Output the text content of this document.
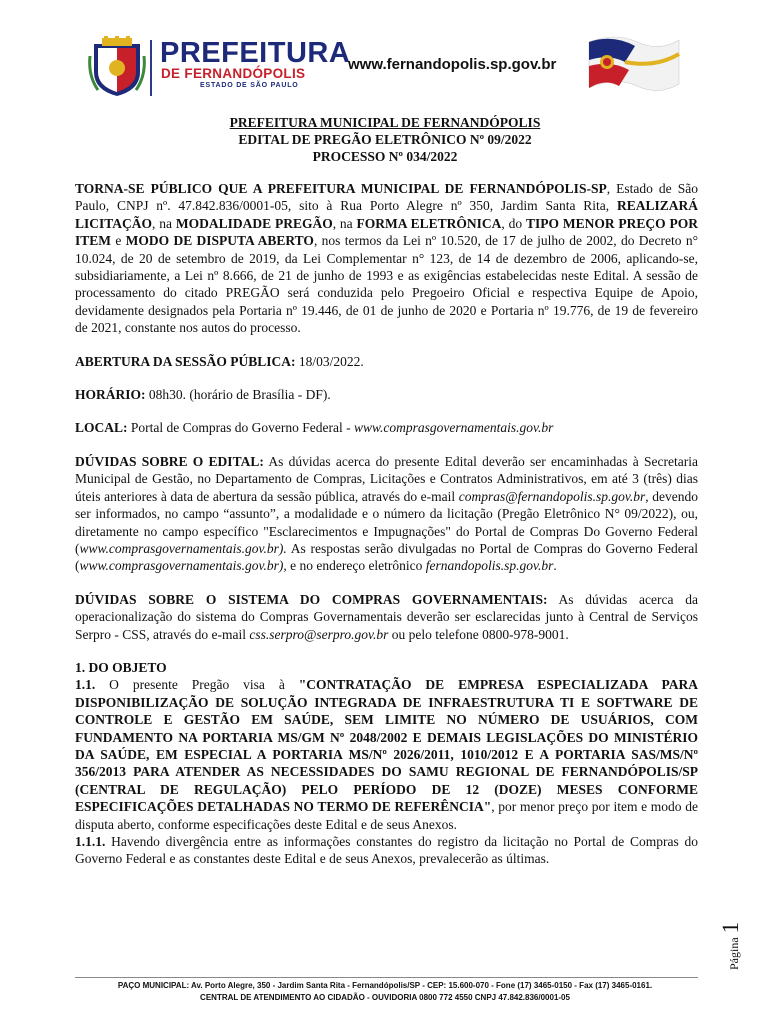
PREFEITURA
DE FERNANDÓPOLIS
ESTADO DE SÃO PAULO
www.fernandopolis.sp.gov.br
PREFEITURA MUNICIPAL DE FERNANDÓPOLIS
EDITAL DE PREGÃO ELETRÔNICO Nº 09/2022
PROCESSO Nº 034/2022

TORNA-SE PÚBLICO QUE A PREFEITURA MUNICIPAL DE FERNANDÓPOLIS-SP, Estado de São Paulo, CNPJ nº. 47.842.836/0001-05, sito à Rua Porto Alegre nº 350, Jardim Santa Rita, REALIZARÁ LICITAÇÃO, na MODALIDADE PREGÃO, na FORMA ELETRÔNICA, do TIPO MENOR PREÇO POR ITEM e MODO DE DISPUTA ABERTO, nos termos da Lei nº 10.520, de 17 de julho de 2002, do Decreto n° 10.024, de 20 de setembro de 2019, da Lei Complementar n° 123, de 14 de dezembro de 2006, aplicando-se, subsidiariamente, a Lei nº 8.666, de 21 de junho de 1993 e as exigências estabelecidas neste Edital. A sessão de processamento do citado PREGÃO será conduzida pelo Pregoeiro Oficial e respectiva Equipe de Apoio, devidamente designados pela Portaria nº 19.446, de 01 de junho de 2020 e Portaria nº 19.776, de 19 de fevereiro de 2021, constante nos autos do processo.

ABERTURA DA SESSÃO PÚBLICA: 18/03/2022.

HORÁRIO: 08h30. (horário de Brasília - DF).

LOCAL: Portal de Compras do Governo Federal - www.comprasgovernamentais.gov.br

DÚVIDAS SOBRE O EDITAL: As dúvidas acerca do presente Edital deverão ser encaminhadas à Secretaria Municipal de Gestão, no Departamento de Compras, Licitações e Contratos Administrativos, em até 3 (três) dias úteis anteriores à data de abertura da sessão pública, através do e-mail compras@fernandopolis.sp.gov.br, devendo ser informados, no campo “assunto”, a modalidade e o número da licitação (Pregão Eletrônico N° 09/2022), ou, diretamente no campo específico "Esclarecimentos e Impugnações" do Portal de Compras Do Governo Federal (www.comprasgovernamentais.gov.br). As respostas serão divulgadas no Portal de Compras do Governo Federal (www.comprasgovernamentais.gov.br), e no endereço eletrônico fernandopolis.sp.gov.br.

DÚVIDAS SOBRE O SISTEMA DO COMPRAS GOVERNAMENTAIS: As dúvidas acerca da operacionalização do sistema do Compras Governamentais deverão ser esclarecidas junto à Central de Serviços Serpro - CSS, através do e-mail css.serpro@serpro.gov.br ou pelo telefone 0800-978-9001.

1. DO OBJETO

1.1. O presente Pregão visa à "CONTRATAÇÃO DE EMPRESA ESPECIALIZADA PARA DISPONIBILIZAÇÃO DE SOLUÇÃO INTEGRADA DE INFRAESTRUTURA TI E SOFTWARE DE CONTROLE E GESTÃO EM SAÚDE, SEM LIMITE NO NÚMERO DE USUÁRIOS, COM FUNDAMENTO NA PORTARIA MS/GM Nº 2048/2002 E DEMAIS LEGISLAÇÕES DO MINISTÉRIO DA SAÚDE, EM ESPECIAL A PORTARIA MS/Nº 2026/2011, 1010/2012 E A PORTARIA SAS/MS/Nº 356/2013 PARA ATENDER AS NECESSIDADES DO SAMU REGIONAL DE FERNANDÓPOLIS/SP (CENTRAL DE REGULAÇÃO) PELO PERÍODO DE 12 (DOZE) MESES CONFORME ESPECIFICAÇÕES DETALHADAS NO TERMO DE REFERÊNCIA", por menor preço por item e modo de disputa aberto, conforme especificações deste Edital e de seus Anexos.

1.1.1. Havendo divergência entre as informações constantes do registro da licitação no Portal de Compras do Governo Federal e as constantes deste Edital e de seus Anexos, prevalecerão as últimas.

Página1
PAÇO MUNICIPAL: Av. Porto Alegre, 350 - Jardim Santa Rita - Fernandópolis/SP - CEP: 15.600-070 - Fone (17) 3465-0150 - Fax (17) 3465-0161.
CENTRAL DE ATENDIMENTO AO CIDADÃO - OUVIDORIA 0800 772 4550 CNPJ 47.842.836/0001-05
